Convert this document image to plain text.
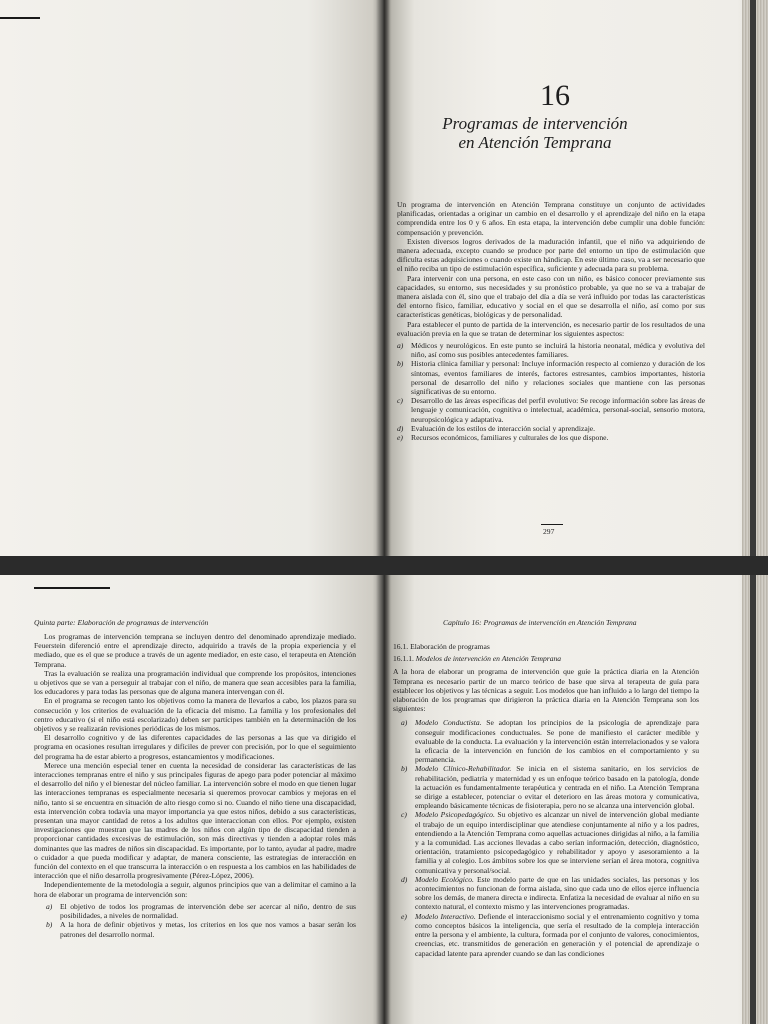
16
Programas de intervención
en Atención Temprana

Un programa de intervención en Atención Temprana constituye un conjunto de actividades planificadas, orientadas a originar un cambio en el desarrollo y el aprendizaje del niño en la etapa comprendida entre los 0 y 6 años. En esta etapa, la intervención debe cumplir una doble función: compensación y prevención.

Existen diversos logros derivados de la maduración infantil, que el niño va adquiriendo de manera adecuada, excepto cuando se produce por parte del entorno un tipo de estimulación que dificulta estas adquisiciones o cuando existe un hándicap. En este último caso, va a ser necesario que el niño reciba un tipo de estimulación específica, suficiente y adecuada para su problema.

Para intervenir con una persona, en este caso con un niño, es básico conocer previamente sus capacidades, su entorno, sus necesidades y su pronóstico probable, ya que no se va a trabajar de manera aislada con él, sino que el trabajo del día a día se verá influido por todas las características del entorno físico, familiar, educativo y social en el que se desarrolla el niño, así como por sus características genéticas, biológicas y de personalidad.

Para establecer el punto de partida de la intervención, es necesario partir de los resultados de una evaluación previa en la que se tratan de determinar los siguientes aspectos:

a) Médicos y neurológicos. En este punto se incluirá la historia neonatal, médica y evolutiva del niño, así como sus posibles antecedentes familiares.
b) Historia clínica familiar y personal: Incluye información respecto al comienzo y duración de los síntomas, eventos familiares de interés, factores estresantes, cambios importantes, historia personal de desarrollo del niño y relaciones sociales que mantiene con las personas significativas de su entorno.
c) Desarrollo de las áreas específicas del perfil evolutivo: Se recoge información sobre las áreas de lenguaje y comunicación, cognitiva o intelectual, académica, personal-social, sensorio motora, neuropsicológica y adaptativa.
d) Evaluación de los estilos de interacción social y aprendizaje.
e) Recursos económicos, familiares y culturales de los que dispone.
297
Quinta parte: Elaboración de programas de intervención

Los programas de intervención temprana se incluyen dentro del denominado aprendizaje mediado. Feuerstein diferenció entre el aprendizaje directo, adquirido a través de la propia experiencia y el mediado, que es el que se produce a través de un agente mediador, en este caso, el terapeuta en Atención Temprana.

Tras la evaluación se realiza una programación individual que comprende los propósitos, intenciones u objetivos que se van a perseguir al trabajar con el niño, de manera que sean accesibles para la familia, los educadores y para todas las personas que de alguna manera intervengan con él.

En el programa se recogen tanto los objetivos como la manera de llevarlos a cabo, los plazos para su consecución y los criterios de evaluación de la eficacia del mismo. La familia y los profesionales del centro educativo (si el niño está escolarizado) deben ser partícipes también en la determinación de los objetivos y se realizarán revisiones periódicas de los mismos.

El desarrollo cognitivo y de las diferentes capacidades de las personas a las que va dirigido el programa en ocasiones resultan irregulares y difíciles de prever con precisión, por lo que el seguimiento del programa ha de estar abierto a progresos, estancamientos y modificaciones.

Merece una mención especial tener en cuenta la necesidad de considerar las características de las interacciones tempranas entre el niño y sus principales figuras de apego para poder potenciar al máximo el desarrollo del niño y el bienestar del núcleo familiar. La intervención sobre el modo en que tienen lugar las interacciones tempranas es especialmente necesaria si queremos provocar cambios y mejoras en el niño, tanto si se encuentra en situación de alto riesgo como si no. Cuando el niño tiene una discapacidad, esta intervención cobra todavía una mayor importancia ya que estos niños, debido a sus características, presentan una mayor cantidad de retos a los adultos que interaccionan con ellos. Por ejemplo, existen investigaciones que muestran que las madres de los niños con algún tipo de discapacidad tienden a proporcionar cantidades excesivas de estimulación, son más directivas y tienden a adoptar roles más dominantes que las madres de niños sin discapacidad. Es importante, por lo tanto, ayudar al padre, madre o cuidador a que pueda modificar y adaptar, de manera consciente, las estrategias de interacción en función del contexto en el que transcurra la interacción o en respuesta a los cambios en las habilidades de interacción que el niño desarrolla progresivamente (Pérez-López, 2006).

Independientemente de la metodología a seguir, algunos principios que van a delimitar el camino a la hora de elaborar un programa de intervención son:

a) El objetivo de todos los programas de intervención debe ser acercar al niño, dentro de sus posibilidades, a niveles de normalidad.
b) A la hora de definir objetivos y metas, los criterios en los que nos vamos a basar serán los patrones del desarrollo normal.
Capítulo 16: Programas de intervención en Atención Temprana
16.1. Elaboración de programas
16.1.1. Modelos de intervención en Atención Temprana

A la hora de elaborar un programa de intervención que guíe la práctica diaria en la Atención Temprana es necesario partir de un marco teórico de base que sirva al terapeuta de guía para establecer los objetivos y las técnicas a seguir. Los modelos que han influido a lo largo del tiempo la elaboración de los programas que dirigieron la práctica diaria en la Atención Temprana son los siguientes:

a) Modelo Conductista. Se adoptan los principios de la psicología de aprendizaje para conseguir modificaciones conductuales. Se pone de manifiesto el carácter medible y evaluable de la conducta. La evaluación y la intervención están interrelacionados y se valora la eficacia de la intervención en función de los cambios en el comportamiento y su permanencia.
b) Modelo Clínico-Rehabilitador. Se inicia en el sistema sanitario, en los servicios de rehabilitación, pediatría y maternidad y es un enfoque teórico basado en la patología, donde la actuación es fundamentalmente terapéutica y centrada en el niño. La Atención Temprana se dirige a establecer, potenciar o evitar el deterioro en las áreas motora y comunicativa, empleando básicamente técnicas de fisioterapia, pero no se alcanza una intervención global.
c) Modelo Psicopedagógico. Su objetivo es alcanzar un nivel de intervención global mediante el trabajo de un equipo interdisciplinar que atendiese conjuntamente al niño y a los padres, entendiendo a la Atención Temprana como aquellas actuaciones dirigidas al niño, a la familia y a la comunidad. Las acciones llevadas a cabo serían información, detección, diagnóstico, orientación, tratamiento psicopedagógico y rehabilitador y apoyo y asesoramiento a la familia y al colegio. Los ámbitos sobre los que se interviene serían el área motora, cognitiva comunicativa y personal/social.
d) Modelo Ecológico. Este modelo parte de que en las unidades sociales, las personas y los acontecimientos no funcionan de forma aislada, sino que cada uno de ellos ejerce influencia sobre los demás, de manera directa e indirecta. Enfatiza la necesidad de evaluar al niño en su contexto natural, el contexto mismo y las intervenciones programadas.
e) Modelo Interactivo. Defiende el interaccionismo social y el entrenamiento cognitivo y toma como conceptos básicos la inteligencia, que sería el resultado de la compleja interacción entre la persona y el ambiente, la cultura, formada por el conjunto de valores, conocimientos, creencias, etc. transmitidos de generación en generación y el potencial de aprendizaje o capacidad latente para aprender cuando se dan las condiciones
